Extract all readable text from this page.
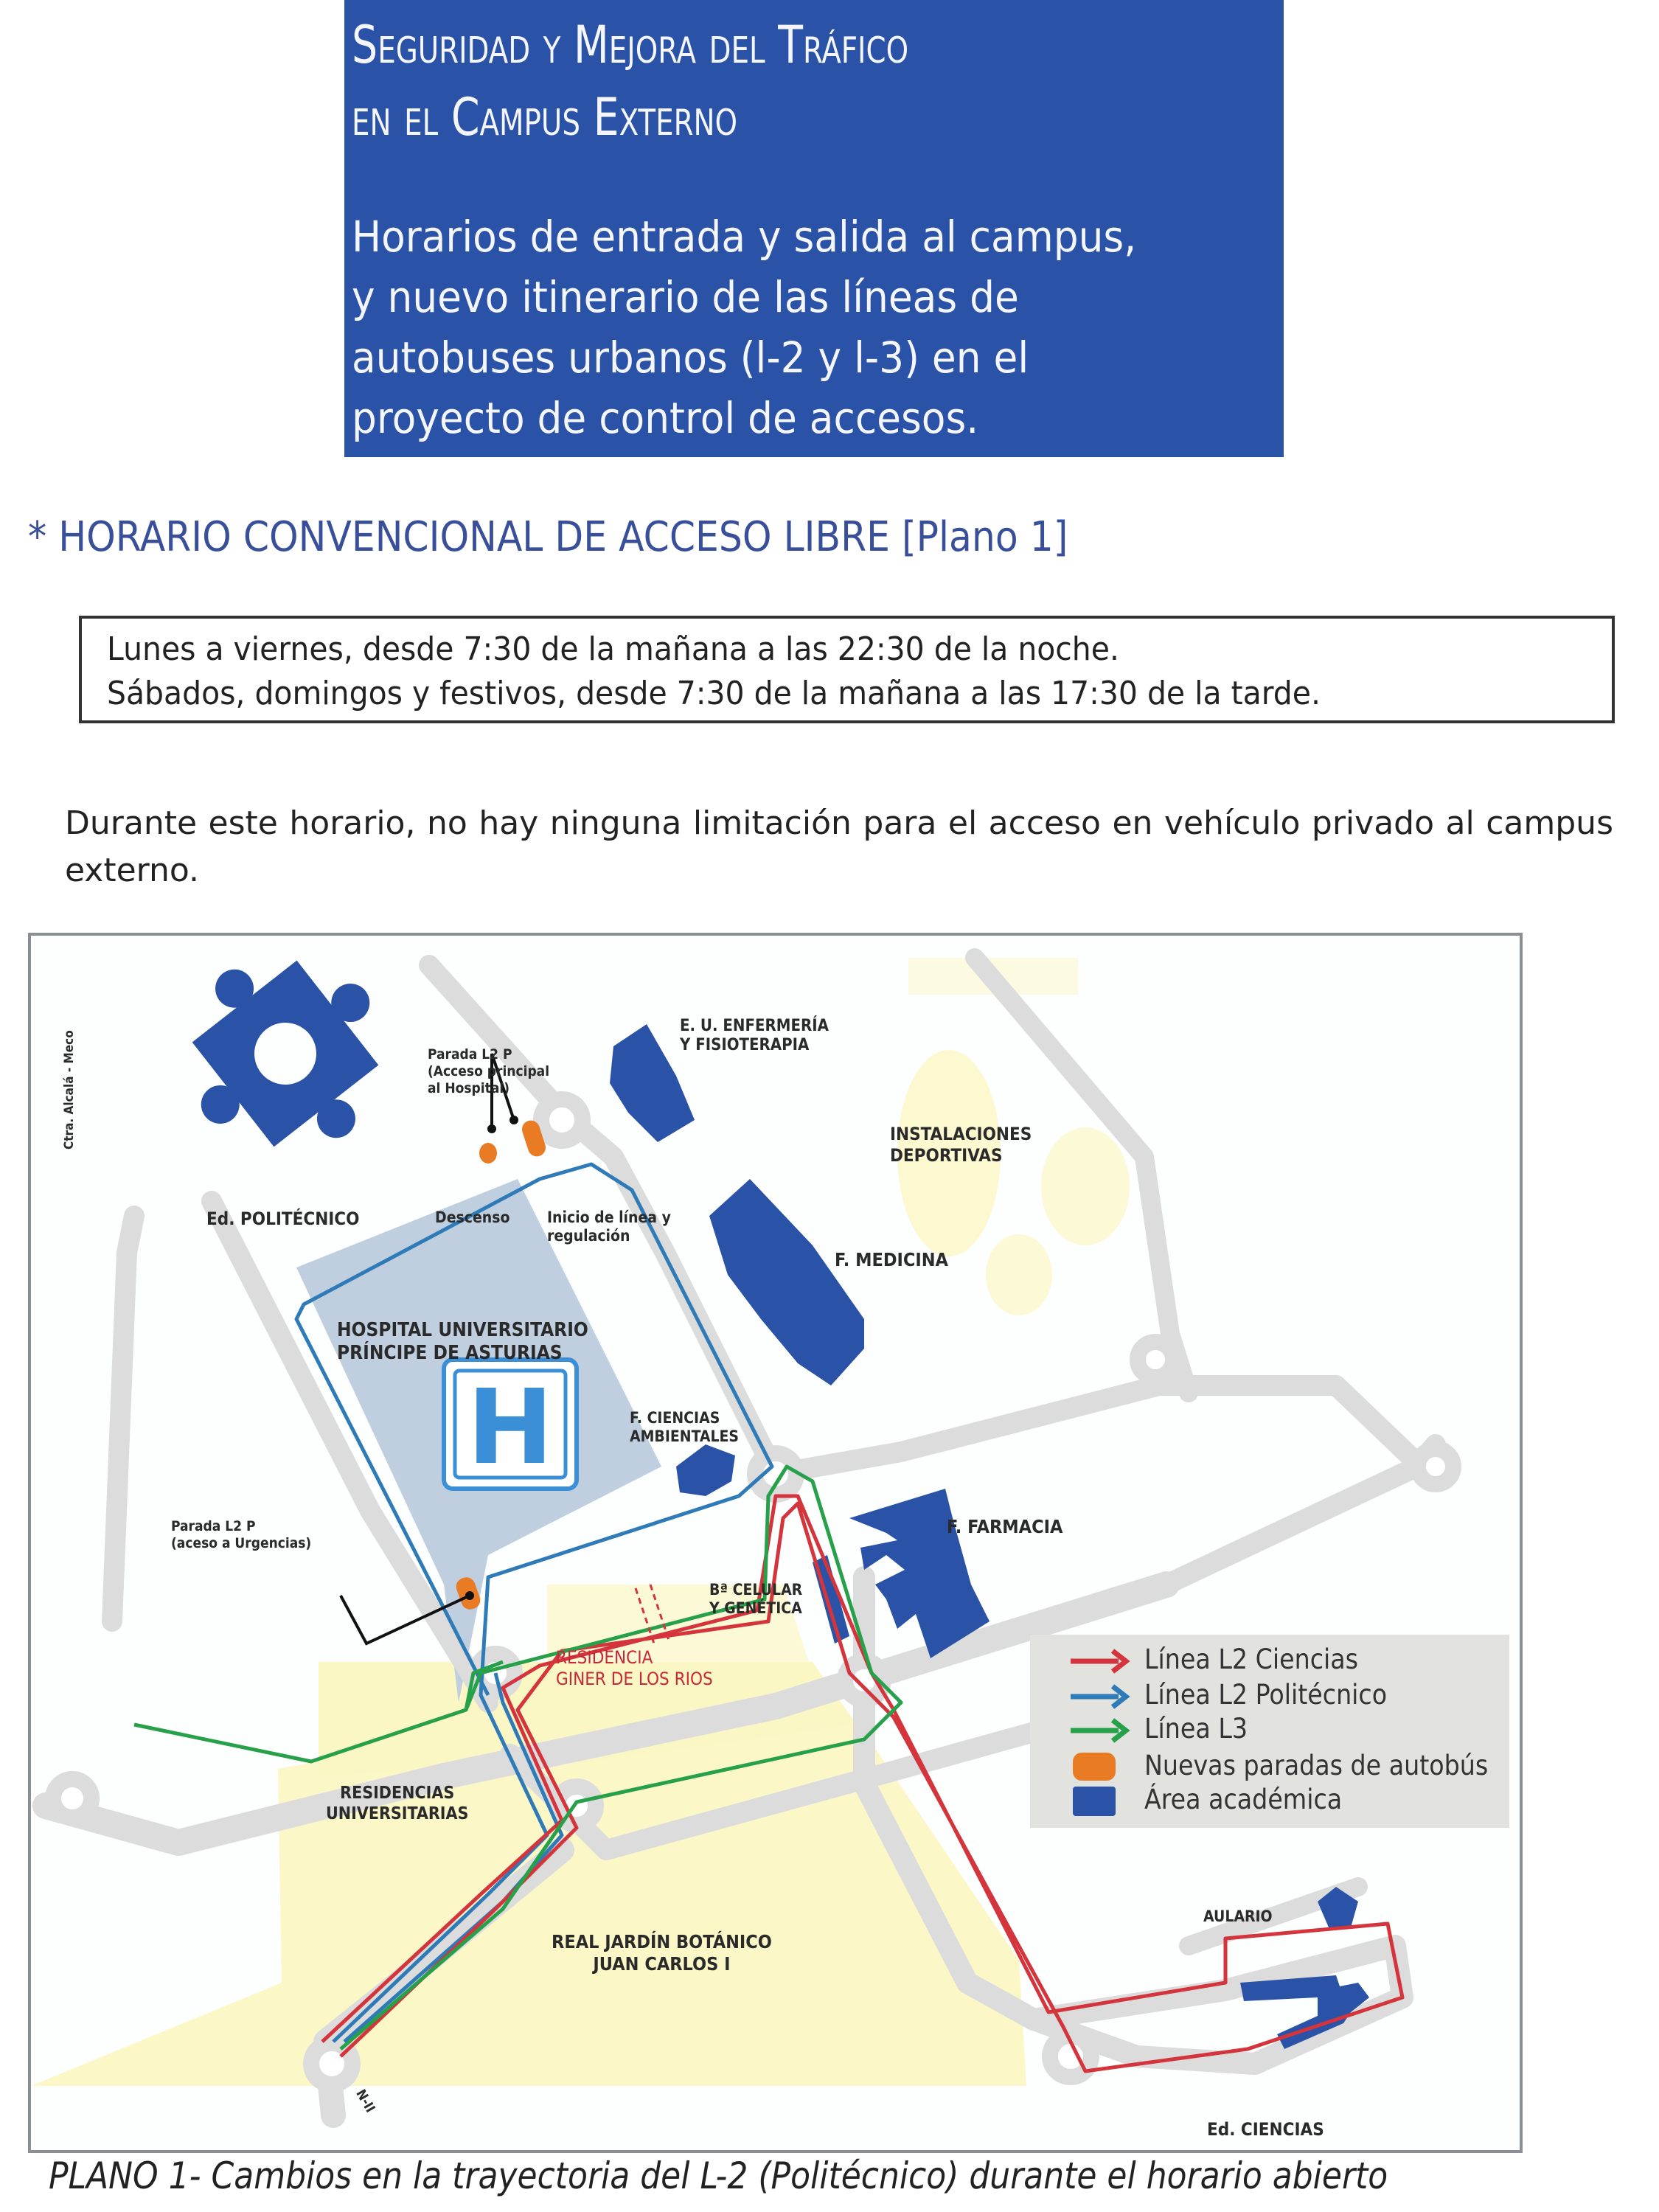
Seguridad y Mejora del Tráfico
en el Campus Externo
Horarios de entrada y salida al campus,
y nuevo itinerario de las líneas de
autobuses urbanos (l-2 y l-3) en el
proyecto de control de accesos.
* HORARIO CONVENCIONAL DE ACCESO LIBRE [Plano 1]
Lunes a viernes, desde 7:30 de la mañana a las 22:30 de la noche.
Sábados, domingos y festivos, desde 7:30 de la mañana a las 17:30 de la tarde.
Durante este horario, no hay ninguna limitación para el acceso en vehículo privado al campus externo.
H
Ctra. Alcalá - Meco
Ed. POLITÉCNICO
Parada L2 P
(Acceso principal
al Hospital)
Descenso Inicio de línea y
regulación
E. U. ENFERMERÍA
Y FISIOTERAPIA
INSTALACIONES
DEPORTIVAS
F. MEDICINA
HOSPITAL UNIVERSITARIO
PRÍNCIPE DE ASTURIAS
F. CIENCIAS
AMBIENTALES
F. FARMACIA
Parada L2 P
(aceso a Urgencias)
Bª CELULAR
Y GENÉTICA
RESIDENCIA
GINER DE LOS RIOS
RESIDENCIAS
UNIVERSITARIAS
REAL JARDÍN BOTÁNICO
JUAN CARLOS I
N-II
AULARIO
Ed. CIENCIAS
Línea L2 Ciencias
Línea L2 Politécnico
Línea L3
Nuevas paradas de autobús
Área académica
PLANO 1- Cambios en la trayectoria del L-2 (Politécnico) durante el horario abierto
